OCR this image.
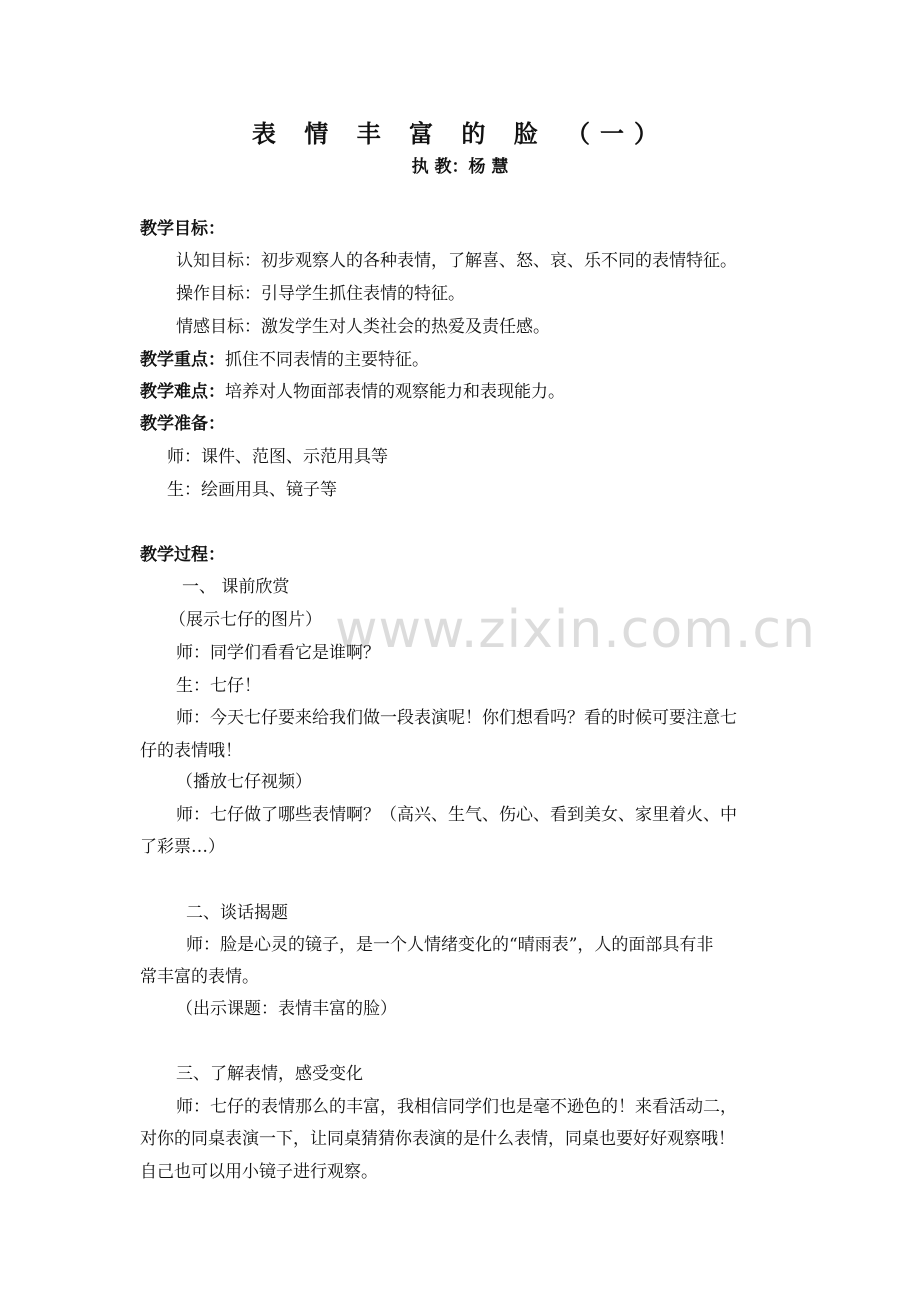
www.zixin.com.cn
表 情 丰 富 的 脸 （一）
执 教：杨 慧
教学目标：
认知目标：初步观察人的各种表情，了解喜、怒、哀、乐不同的表情特征。
操作目标：引导学生抓住表情的特征。
情感目标：激发学生对人类社会的热爱及责任感。
教学重点：抓住不同表情的主要特征。
教学难点：培养对人物面部表情的观察能力和表现能力。
教学准备：
师：课件、范图、示范用具等
生：绘画用具、镜子等
教学过程：
一、 课前欣赏
（展示七仔的图片）
师：同学们看看它是谁啊？
生：七仔！
师：今天七仔要来给我们做一段表演呢！你们想看吗？看的时候可要注意七
仔的表情哦！
（播放七仔视频）
师：七仔做了哪些表情啊？（高兴、生气、伤心、看到美女、家里着火、中
了彩票…）
二、谈话揭题
师：脸是心灵的镜子，是一个人情绪变化的“晴雨表”，人的面部具有非
常丰富的表情。
（出示课题：表情丰富的脸）
三、了解表情，感受变化
师：七仔的表情那么的丰富，我相信同学们也是毫不逊色的！来看活动二，
对你的同桌表演一下，让同桌猜猜你表演的是什么表情，同桌也要好好观察哦！
自己也可以用小镜子进行观察。
